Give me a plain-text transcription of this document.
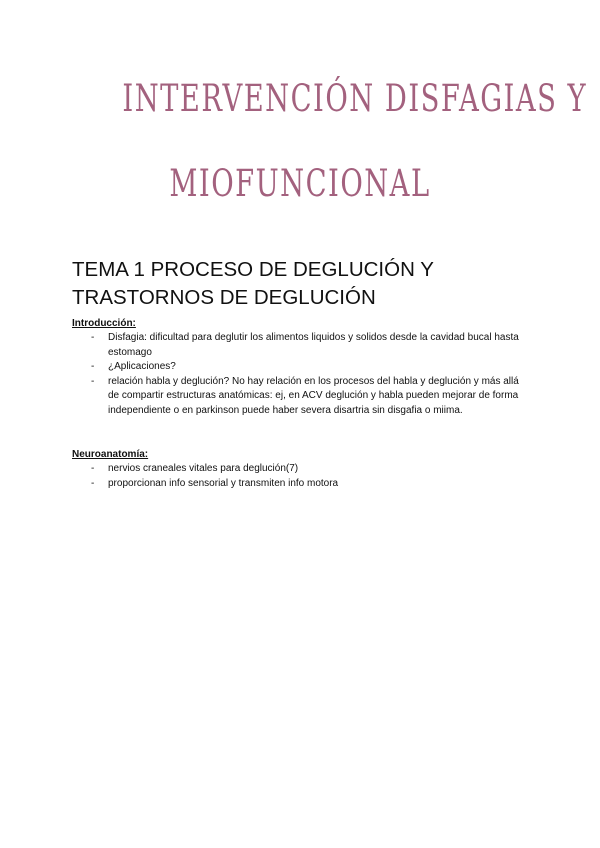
INTERVENCIÓN DISFAGIAS Y
MIOFUNCIONAL
TEMA 1 PROCESO DE DEGLUCIÓN Y TRASTORNOS DE DEGLUCIÓN
Introducción:
- Disfagia: dificultad para deglutir los alimentos liquidos y solidos desde la cavidad bucal hasta estomago
- ¿Aplicaciones?
- relación habla y deglución? No hay relación en los procesos del habla y deglución y más allá de compartir estructuras anatómicas: ej, en ACV deglución y habla pueden mejorar de forma independiente o en parkinson puede haber severa disartria sin disgafia o miima.
Neuroanatomía:
- nervios craneales vitales para deglución(7)
- proporcionan info sensorial y transmiten info motora
